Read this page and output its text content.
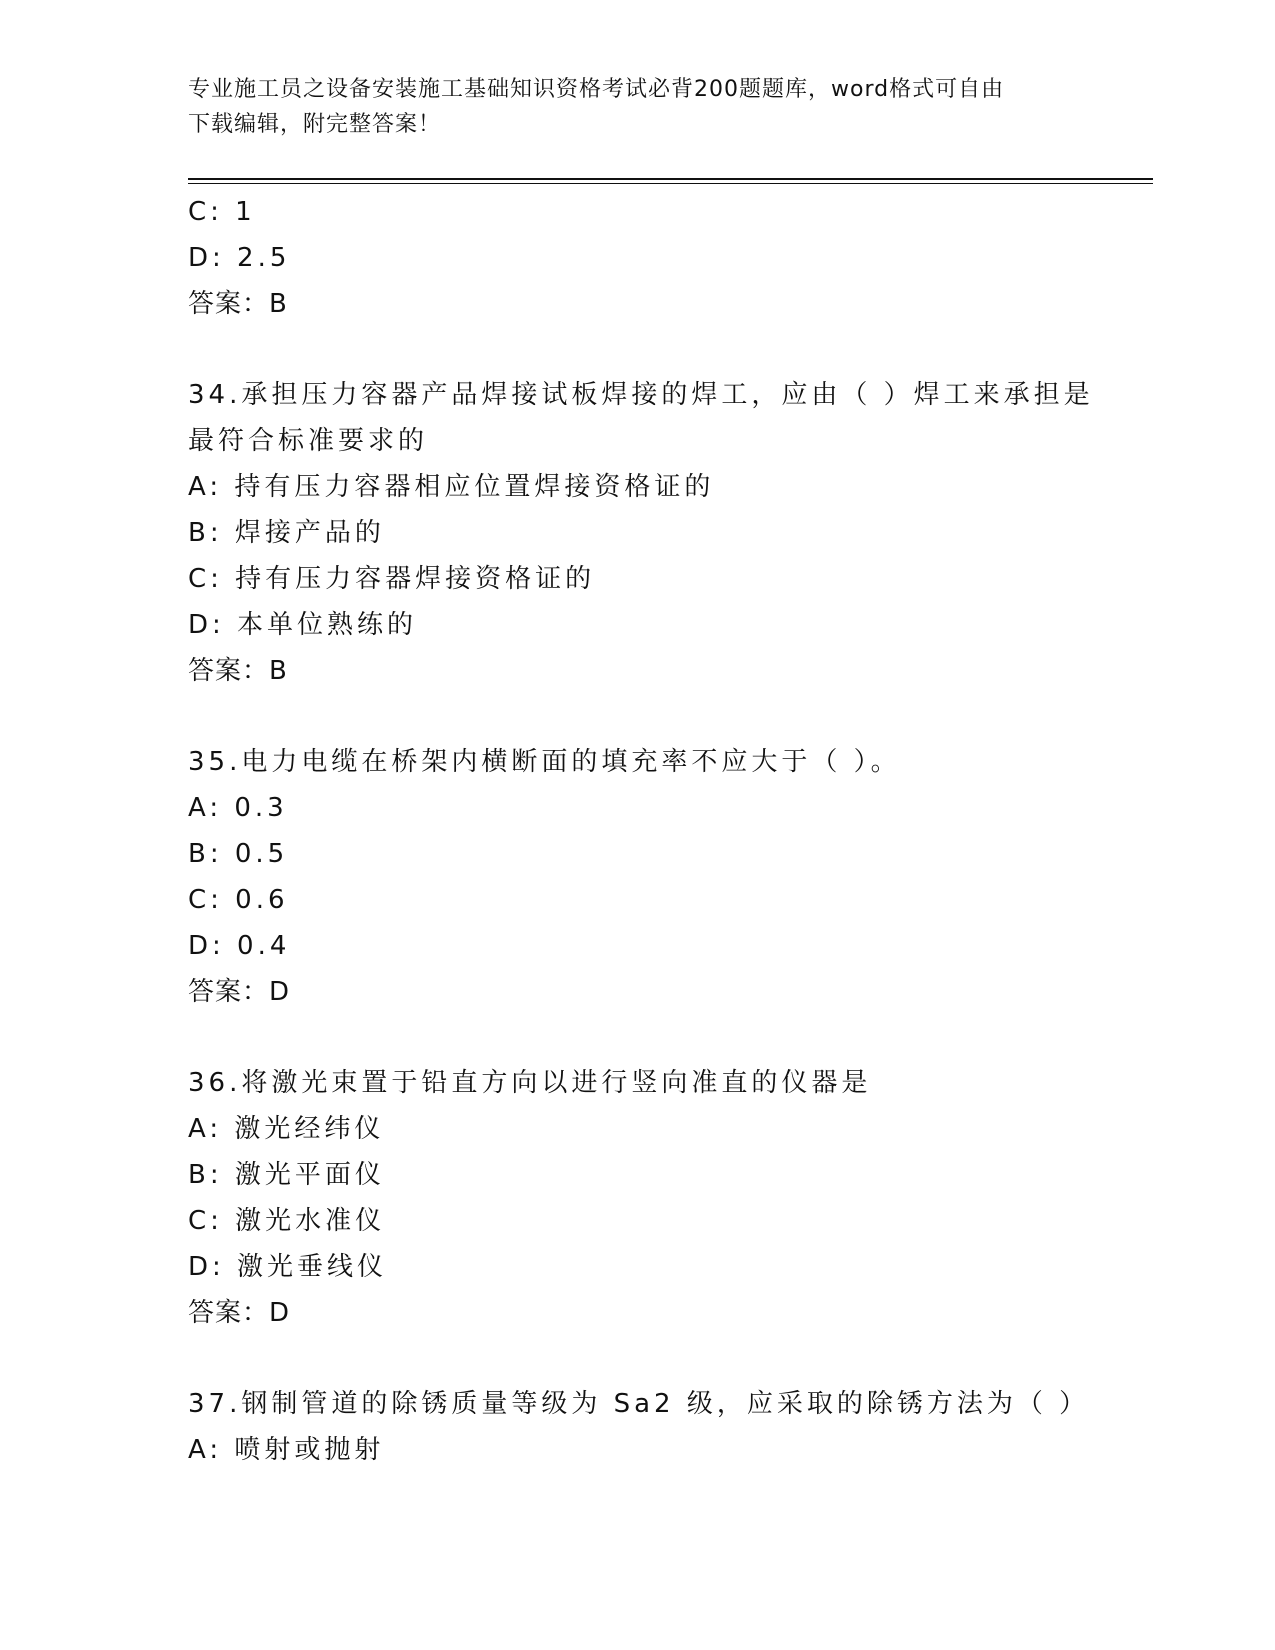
专业施工员之设备安装施工基础知识资格考试必背200题题库，word格式可自由
下载编辑，附完整答案！
C: 1
D: 2.5
答案：B
34.承担压力容器产品焊接试板焊接的焊工，应由（ ）焊工来承担是
最符合标准要求的
A: 持有压力容器相应位置焊接资格证的
B: 焊接产品的
C: 持有压力容器焊接资格证的
D: 本单位熟练的
答案：B
35.电力电缆在桥架内横断面的填充率不应大于（ ）。
A: 0.3
B: 0.5
C: 0.6
D: 0.4
答案：D
36.将激光束置于铅直方向以进行竖向准直的仪器是
A: 激光经纬仪
B: 激光平面仪
C: 激光水准仪
D: 激光垂线仪
答案：D
37.钢制管道的除锈质量等级为 Sa2 级，应采取的除锈方法为（ ）
A: 喷射或抛射
